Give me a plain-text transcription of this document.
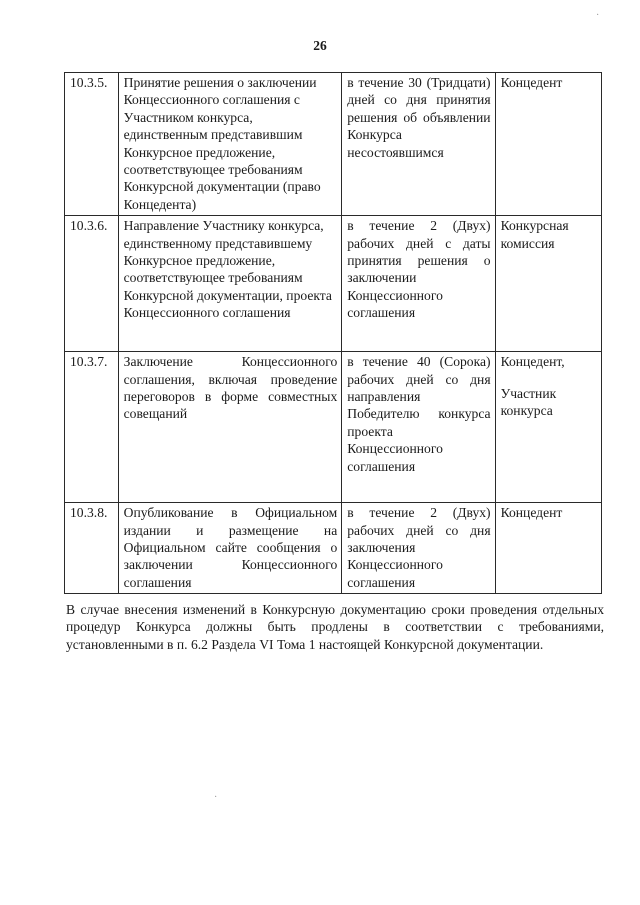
26
10.3.5.	Принятие решения о заключении Концессионного соглашения с Участником конкурса, единственным представившим Конкурсное предложение, соответствующее требованиям Конкурсной документации (право Концедента)	в течение 30 (Тридцати) дней со дня принятия решения об объявлении Конкурса несостоявшимся	Концедент

10.3.6.	Направление Участнику конкурса, единственному представившему Конкурсное предложение, соответствующее требованиям Конкурсной документации, проекта Концессионного соглашения	в течение 2 (Двух) рабочих дней с даты принятия решения о заключении Концессионного соглашения	Конкурсная комиссия

10.3.7.	Заключение Концессионного соглашения, включая проведение переговоров в форме совместных совещаний	в течение 40 (Сорока) рабочих дней со дня направления Победителю конкурса проекта Концессионного соглашения	Концедент,
Участник конкурса

10.3.8.	Опубликование в Официальном издании и размещение на Официальном сайте сообщения о заключении Концессионного соглашения	в течение 2 (Двух) рабочих дней со дня заключения Концессионного соглашения	Концедент
В случае внесения изменений в Конкурсную документацию сроки проведения отдельных процедур Конкурса должны быть продлены в соответствии с требованиями, установленными в п. 6.2 Раздела VI Тома 1 настоящей Конкурсной документации.
·
·
